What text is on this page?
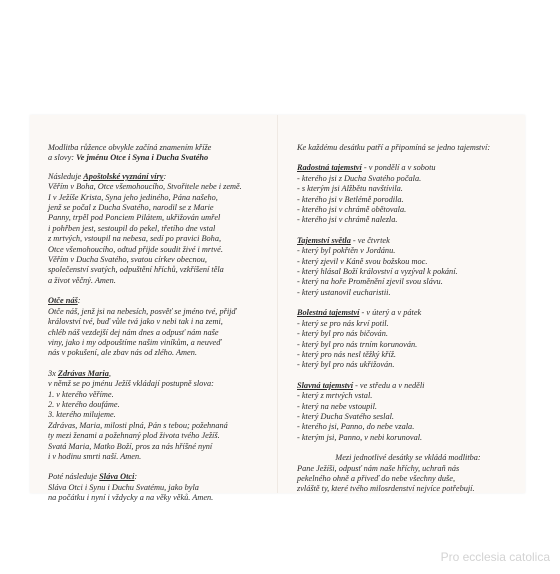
Modlitba růžence obvykle začíná znamením kříže
a slovy: Ve jménu Otce i Syna i Ducha Svatého
Následuje Apoštolské vyznání víry:
Věřím v Boha, Otce všemohoucího, Stvořitele nebe i země.
I v Ježíše Krista, Syna jeho jediného, Pána našeho,
jenž se počal z Ducha Svatého, narodil se z Marie
Panny, trpěl pod Ponciem Pilátem, ukřižován umřel
i pohřben jest, sestoupil do pekel, třetího dne vstal
z mrtvých, vstoupil na nebesa, sedí po pravici Boha,
Otce všemohoucího, odtud přijde soudit živé i mrtvé.
Věřím v Ducha Svatého, svatou církev obecnou,
společenství svatých, odpuštění hříchů, vzkříšení těla
a život věčný. Amen.
Otče náš:
Otče náš, jenž jsi na nebesích, posvěť se jméno tvé, přijď
království tvé, buď vůle tvá jako v nebi tak i na zemi,
chléb náš vezdejší dej nám dnes a odpusť nám naše
viny, jako i my odpouštíme našim viníkům, a neuveď
nás v pokušení, ale zbav nás od zlého. Amen.
3x Zdrávas Maria,
v němž se po jménu Ježíš vkládají postupně slova:
1. v kterého věříme.
2. v kterého doufáme.
3. kterého milujeme.
Zdrávas, Maria, milosti plná, Pán s tebou; požehnaná
ty mezi ženami a požehnaný plod života tvého Ježíš.
Svatá Maria, Matko Boží, pros za nás hříšné nyní
i v hodinu smrti naší. Amen.
Poté následuje Sláva Otci:
Sláva Otci i Synu i Duchu Svatému, jako byla
na počátku i nyní i vždycky a na věky věků. Amen.
Ke každému desátku patří a připomíná se jedno tajemství:
Radostná tajemství - v pondělí a v sobotu
- kterého jsi z Ducha Svatého počala.
- s kterým jsi Alžbětu navštívila.
- kterého jsi v Betlémě porodila.
- kterého jsi v chrámě obětovala.
- kterého jsi v chrámě nalezla.
Tajemství světla - ve čtvrtek
- který byl pokřtěn v Jordánu.
- který zjevil v Káně svou božskou moc.
- který hlásal Boží království a vyzýval k pokání.
- který na hoře Proměnění zjevil svou slávu.
- který ustanovil eucharistii.
Bolestná tajemství - v úterý a v pátek
- který se pro nás krví potil.
- který byl pro nás bičován.
- který byl pro nás trním korunován.
- který pro nás nesl těžký kříž.
- který byl pro nás ukřižován.
Slavná tajemství - ve středu a v neděli
- který z mrtvých vstal.
- který na nebe vstoupil.
- který Ducha Svatého seslal.
- kterého jsi, Panno, do nebe vzala.
- kterým jsi, Panno, v nebi korunoval.
Mezi jednotlivé desátky se vkládá modlitba:
Pane Ježíši, odpusť nám naše hříchy, uchraň nás
pekelného ohně a přiveď do nebe všechny duše,
zvláště ty, které tvého milosrdenství nejvíce potřebují.
Pro ecclesia catolica
